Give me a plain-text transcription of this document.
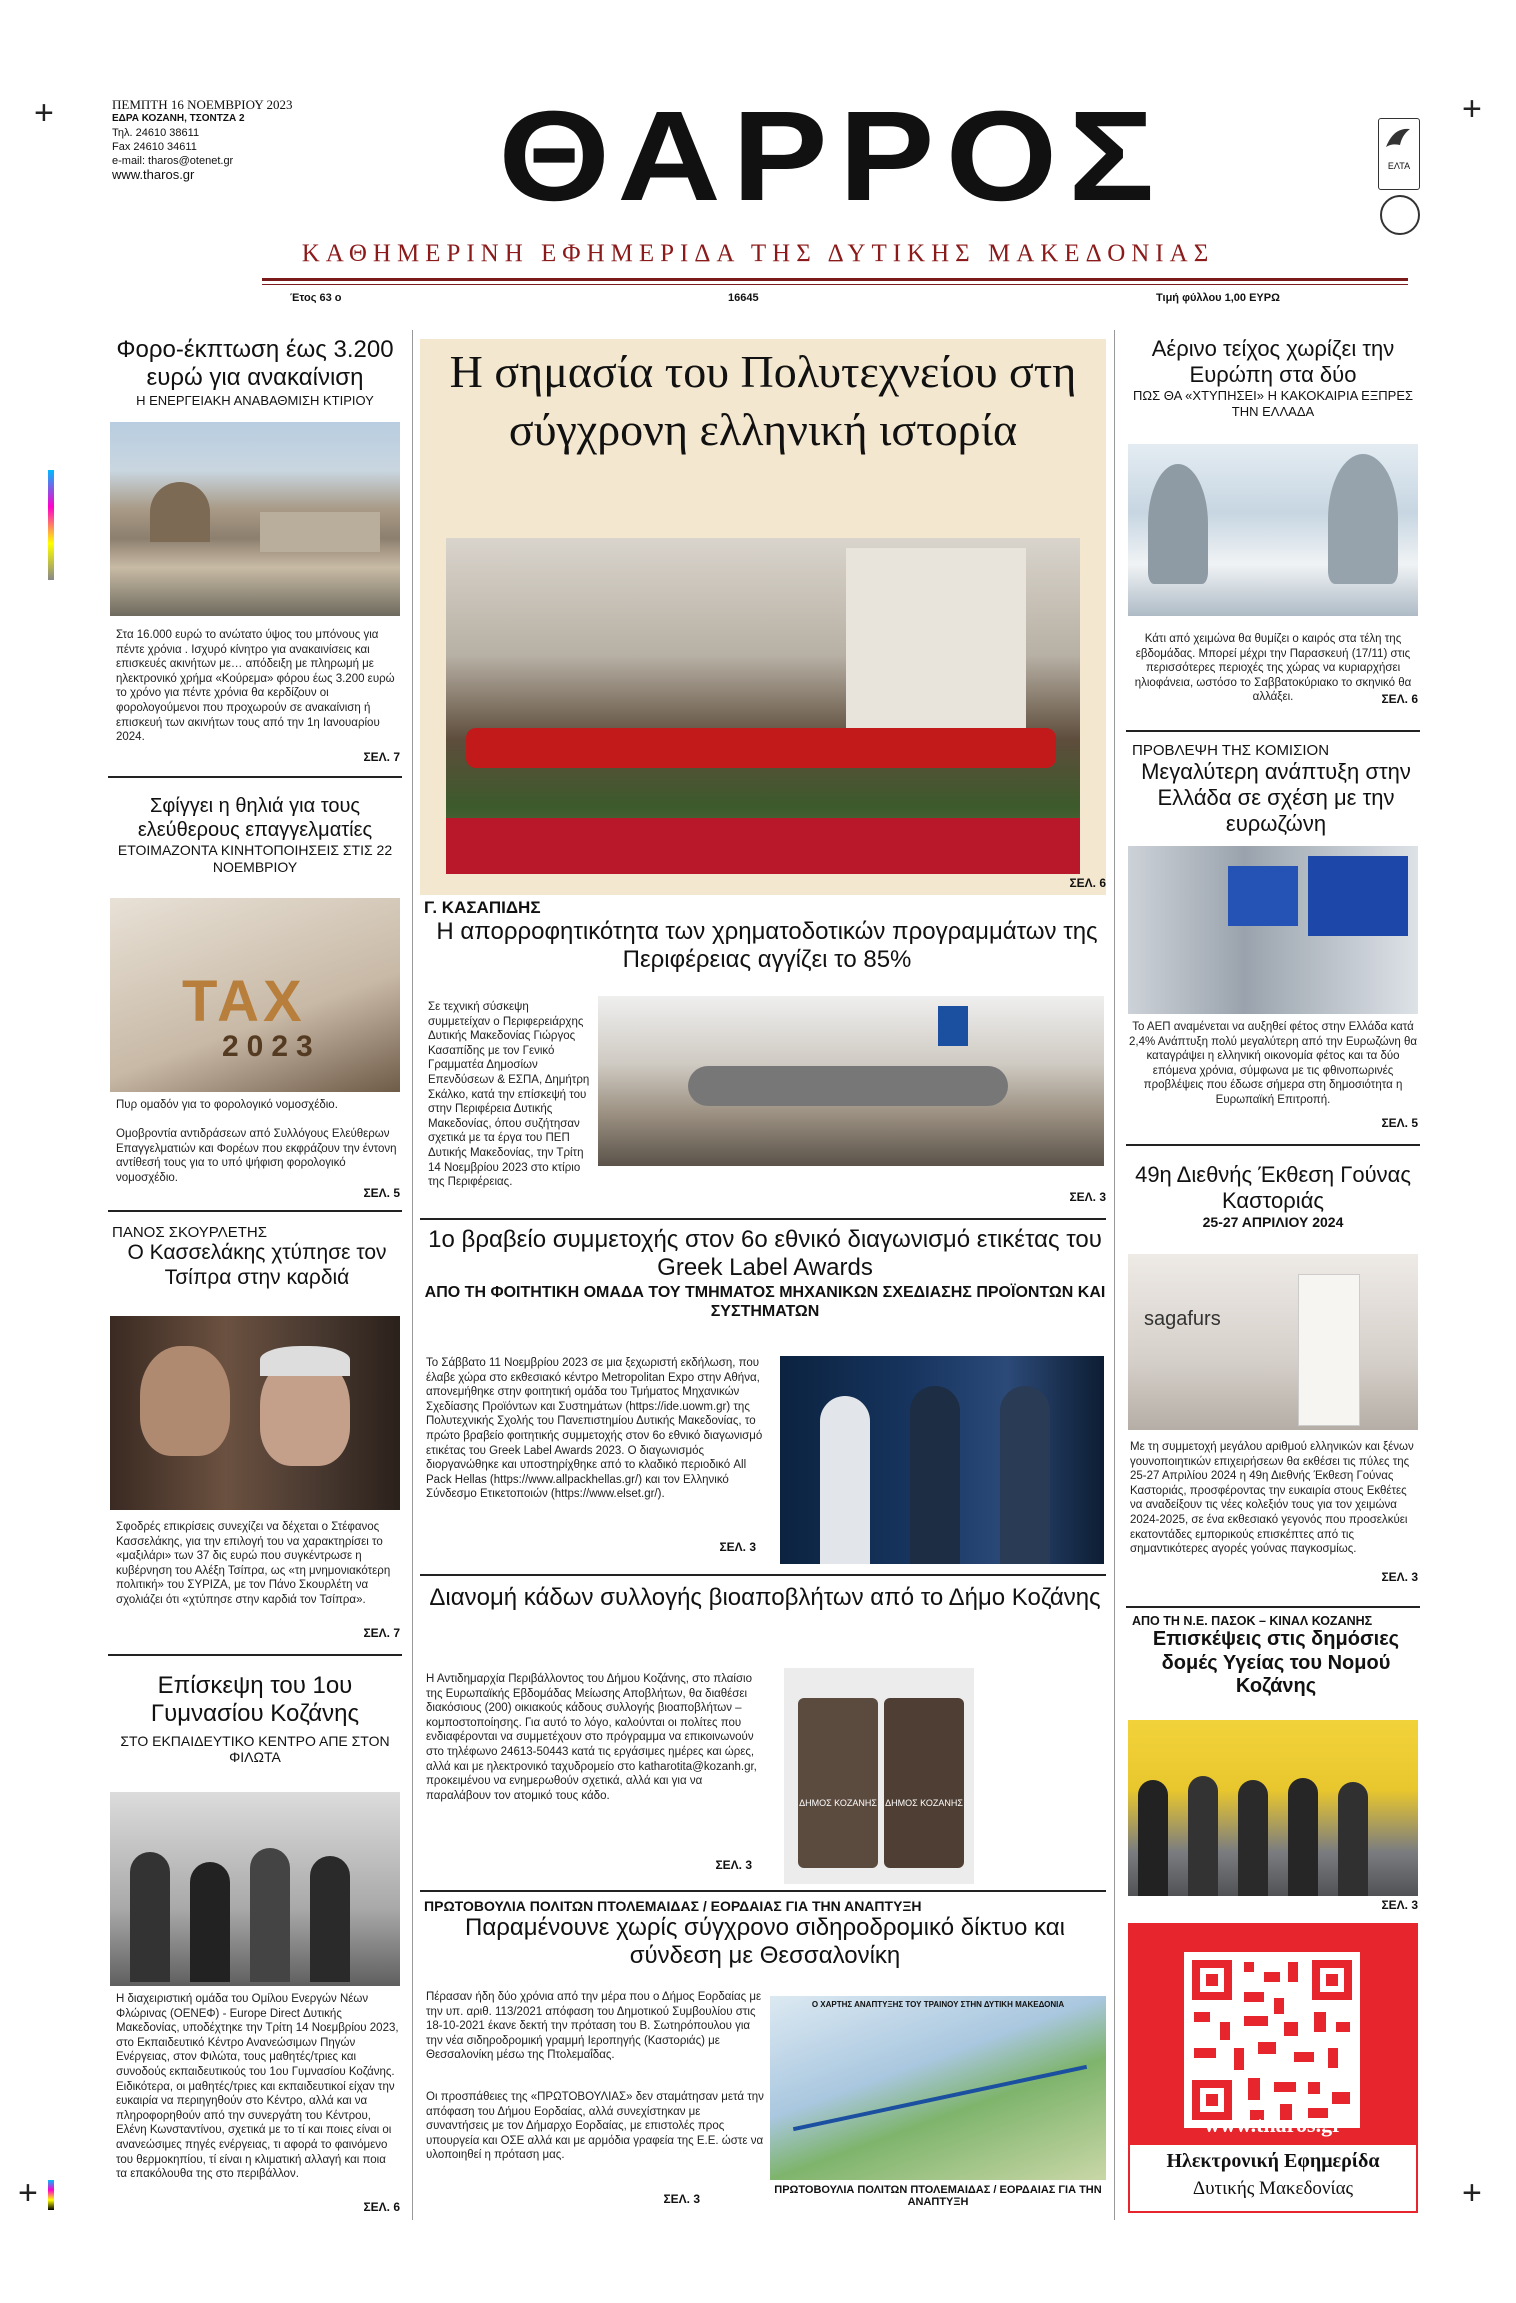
+	+
+	+
ΠΕΜΠΤΗ 16 ΝΟΕΜΒΡΙΟΥ 2023
ΕΔΡΑ ΚΟΖΑΝΗ, ΤΣΟΝΤΖΑ 2
Τηλ. 24610 38611
Fax 24610 34611
e-mail: tharos@otenet.gr
www.tharos.gr	ΘΑΡΡΟΣ	ΕΛΤΑ
ΚΑΘΗΜΕΡΙΝΗ ΕΦΗΜΕΡΙΔΑ ΤΗΣ ΔΥΤΙΚΗΣ ΜΑΚΕΔΟΝΙΑΣ
Έτος 63 ο	16645	Τιμή φύλλου 1,00 ΕΥΡΩ
Φορο-έκπτωση έως 3.200 ευρώ για ανακαίνιση
Η ΕΝΕΡΓΕΙΑΚΗ ΑΝΑΒΑΘΜΙΣΗ ΚΤΙΡΙΟΥ
Στα 16.000 ευρώ το ανώτατο ύψος του μπόνους για πέντε χρόνια . Ισχυρό κίνητρο για ανακαινίσεις και επισκευές ακινήτων με… απόδειξη με πληρωμή με ηλεκτρονικό χρήμα «Κούρεμα» φόρου έως 3.200 ευρώ το χρόνο για πέντε χρόνια θα κερδίζουν οι φορολογούμενοι που προχωρούν σε ανακαίνιση ή επισκευή των ακινήτων τους από την 1η Ιανουαρίου 2024.
ΣΕΛ. 7
Σφίγγει η θηλιά για τους ελεύθερους επαγγελματίες
ΕΤΟΙΜΑΖΟΝΤΑ ΚΙΝΗΤΟΠΟΙΗΣΕΙΣ ΣΤΙΣ 22 ΝΟΕΜΒΡΙΟΥ
TAX
2023
Πυρ ομαδόν για το φορολογικό νομοσχέδιο.
Ομοβροντία αντιδράσεων από Συλλόγους Ελεύθερων Επαγγελματιών και Φορέων που εκφράζουν την έντονη αντίθεσή τους για το υπό ψήφιση φορολογικό νομοσχέδιο.
ΣΕΛ. 5
ΠΑΝΟΣ ΣΚΟΥΡΛΕΤΗΣ
Ο Κασσελάκης χτύπησε τον Τσίπρα στην καρδιά
Σφοδρές επικρίσεις συνεχίζει να δέχεται ο Στέφανος Κασσελάκης, για την επιλογή του να χαρακτηρίσει το «μαξιλάρι» των 37 δις ευρώ που συγκέντρωσε η κυβέρνηση του Αλέξη Τσίπρα, ως «τη μνημονιακότερη πολιτική» του ΣΥΡΙΖΑ, με τον Πάνο Σκουρλέτη να σχολιάζει ότι «χτύπησε στην καρδιά τον Τσίπρα».
ΣΕΛ. 7
Επίσκεψη του 1ου Γυμνασίου Κοζάνης
ΣΤΟ ΕΚΠΑΙΔΕΥΤΙΚΟ ΚΕΝΤΡΟ ΑΠΕ ΣΤΟΝ ΦΙΛΩΤΑ
Η διαχειριστική ομάδα του Ομίλου Ενεργών Νέων Φλώρινας (ΟΕΝΕΦ) - Europe Direct Δυτικής Μακεδονίας, υποδέχτηκε την Τρίτη 14 Νοεμβρίου 2023, στο Εκπαιδευτικό Κέντρο Ανανεώσιμων Πηγών Ενέργειας, στον Φιλώτα, τους μαθητές/τριες και συνοδούς εκπαιδευτικούς του 1ου Γυμνασίου Κοζάνης. Ειδικότερα, οι μαθητές/τριες και εκπαιδευτικοί είχαν την ευκαιρία να περιηγηθούν στο Κέντρο, αλλά και να πληροφορηθούν από την συνεργάτη του Κέντρου, Ελένη Κωνσταντίνου, σχετικά με το τί και ποιες είναι οι ανανεώσιμες πηγές ενέργειας, τι αφορά το φαινόμενο του θερμοκηπίου, τί είναι η κλιματική αλλαγή και ποια τα επακόλουθα της στο περιβάλλον.
ΣΕΛ. 6
Η σημασία του Πολυτεχνείου στη σύγχρονη ελληνική ιστορία
ΣΕΛ. 6
Γ. ΚΑΣΑΠΙΔΗΣ
Η απορροφητικότητα των χρηματοδοτικών προγραμμάτων της Περιφέρειας αγγίζει το 85%
Σε τεχνική σύσκεψη συμμετείχαν ο Περιφερειάρχης Δυτικής Μακεδονίας Γιώργος Κασαπίδης με τον Γενικό Γραμματέα Δημοσίων Επενδύσεων & ΕΣΠΑ, Δημήτρη Σκάλκο, κατά την επίσκεψή του στην Περιφέρεια Δυτικής Μακεδονίας, όπου συζήτησαν σχετικά με τα έργα του ΠΕΠ Δυτικής Μακεδονίας, την Τρίτη 14 Νοεμβρίου 2023 στο κτίριο της Περιφέρειας.
ΣΕΛ. 3
1ο βραβείο συμμετοχής στον 6ο εθνικό διαγωνισμό ετικέτας του Greek Label Awards
ΑΠΟ ΤΗ ΦΟΙΤΗΤΙΚΗ ΟΜΑΔΑ ΤΟΥ ΤΜΗΜΑΤΟΣ ΜΗΧΑΝΙΚΩΝ ΣΧΕΔΙΑΣΗΣ ΠΡΟΪΟΝΤΩΝ ΚΑΙ ΣΥΣΤΗΜΑΤΩΝ
Το Σάββατο 11 Νοεμβρίου 2023 σε μια ξεχωριστή εκδήλωση, που έλαβε χώρα στο εκθεσιακό κέντρο Metropolitan Expo στην Αθήνα, απονεμήθηκε στην φοιτητική ομάδα του Τμήματος Μηχανικών Σχεδίασης Προϊόντων και Συστημάτων (https://ide.uowm.gr) της Πολυτεχνικής Σχολής του Πανεπιστημίου Δυτικής Μακεδονίας, το πρώτο βραβείο φοιτητικής συμμετοχής στον 6ο εθνικό διαγωνισμό ετικέτας του Greek Label Awards 2023. Ο διαγωνισμός διοργανώθηκε και υποστηρίχθηκε από το κλαδικό περιοδικό All Pack Hellas (https://www.allpackhellas.gr/) και τον Ελληνικό Σύνδεσμο Ετικετοποιών (https://www.elset.gr/).
ΣΕΛ. 3
Διανομή κάδων συλλογής βιοαποβλήτων από το Δήμο Κοζάνης
Η Αντιδημαρχία Περιβάλλοντος του Δήμου Κοζάνης, στο πλαίσιο της Ευρωπαϊκής Εβδομάδας Μείωσης Αποβλήτων, θα διαθέσει διακόσιους (200) οικιακούς κάδους συλλογής βιοαποβλήτων – κομποστοποίησης. Για αυτό το λόγο, καλούνται οι πολίτες που ενδιαφέρονται να συμμετέχουν στο πρόγραμμα να επικοινωνούν στο τηλέφωνο 24613-50443 κατά τις εργάσιμες ημέρες και ώρες, αλλά και με ηλεκτρονικό ταχυδρομείο στο katharotita@kozanh.gr, προκειμένου να ενημερωθούν σχετικά, αλλά και για να παραλάβουν τον ατομικό τους κάδο.
ΔΗΜΟΣ ΚΟΖΑΝΗΣ ΔΗΜΟΣ ΚΟΖΑΝΗΣ
ΣΕΛ. 3
ΠΡΩΤΟΒΟΥΛΙΑ ΠΟΛΙΤΩΝ ΠΤΟΛΕΜΑΙΔΑΣ / ΕΟΡΔΑΙΑΣ ΓΙΑ ΤΗΝ ΑΝΑΠΤΥΞΗ
Παραμένουνε χωρίς σύγχρονο σιδηροδρομικό δίκτυο και σύνδεση με Θεσσαλονίκη
Πέρασαν ήδη δύο χρόνια από την μέρα που ο Δήμος Εορδαίας με την υπ. αριθ. 113/2021 απόφαση του Δημοτικού Συμβουλίου στις 18-10-2021 έκανε δεκτή την πρόταση του Β. Σωτηρόπουλου για την νέα σιδηροδρομική γραμμή Ιεροπηγής (Καστοριάς) με Θεσσαλονίκη μέσω της Πτολεμαΐδας.
Οι προσπάθειες της «ΠΡΩΤΟΒΟΥΛΙΑΣ» δεν σταμάτησαν μετά την απόφαση του Δήμου Εορδαίας, αλλά συνεχίστηκαν με συναντήσεις με τον Δήμαρχο Εορδαίας, με επιστολές προς υπουργεία και ΟΣΕ αλλά και με αρμόδια γραφεία της Ε.Ε. ώστε να υλοποιηθεί η πρόταση μας.
Ο ΧΑΡΤΗΣ ΑΝΑΠΤΥΞΗΣ ΤΟΥ ΤΡΑΙΝΟΥ ΣΤΗΝ ΔΥΤΙΚΗ ΜΑΚΕΔΟΝΙΑ
ΠΡΩΤΟΒΟΥΛΙΑ ΠΟΛΙΤΩΝ ΠΤΟΛΕΜΑΙΔΑΣ / ΕΟΡΔΑΙΑΣ ΓΙΑ ΤΗΝ ΑΝΑΠΤΥΞΗ
ΣΕΛ. 3
Αέρινο τείχος χωρίζει την Ευρώπη στα δύο
ΠΩΣ ΘΑ «ΧΤΥΠΗΣΕΙ» Η ΚΑΚΟΚΑΙΡΙΑ ΕΞΠΡΕΣ ΤΗΝ ΕΛΛΑΔΑ
Κάτι από χειμώνα θα θυμίζει ο καιρός στα τέλη της εβδομάδας. Μπορεί μέχρι την Παρασκευή (17/11) στις περισσότερες περιοχές της χώρας να κυριαρχήσει ηλιοφάνεια, ωστόσο το Σαββατοκύριακο το σκηνικό θα αλλάξει.	ΣΕΛ. 6
ΠΡΟΒΛΕΨΗ ΤΗΣ ΚΟΜΙΣΙΟΝ
Μεγαλύτερη ανάπτυξη στην Ελλάδα σε σχέση με την ευρωζώνη
Το ΑΕΠ αναμένεται να αυξηθεί φέτος στην Ελλάδα κατά 2,4% Ανάπτυξη πολύ μεγαλύτερη από την Ευρωζώνη θα καταγράψει η ελληνική οικονομία φέτος και τα δύο επόμενα χρόνια, σύμφωνα με τις φθινοπωρινές προβλέψεις που έδωσε σήμερα στη δημοσιότητα η Ευρωπαϊκή Επιτροπή.
ΣΕΛ. 5
49η Διεθνής Έκθεση Γούνας Καστοριάς
25-27 ΑΠΡΙΛΙΟΥ 2024
sagafurs
Με τη συμμετοχή μεγάλου αριθμού ελληνικών και ξένων γουνοποιητικών επιχειρήσεων θα εκθέσει τις πύλες της 25-27 Απριλίου 2024 η 49η Διεθνής Έκθεση Γούνας Καστοριάς, προσφέροντας την ευκαιρία στους Εκθέτες να αναδείξουν τις νέες κολεξιόν τους για τον χειμώνα 2024-2025, σε ένα εκθεσιακό γεγονός που προσελκύει εκατοντάδες εμπορικούς επισκέπτες από τις σημαντικότερες αγορές γούνας παγκοσμίως.
ΣΕΛ. 3
ΑΠΟ ΤΗ Ν.Ε. ΠΑΣΟΚ – ΚΙΝΑΛ ΚΟΖΑΝΗΣ
Επισκέψεις στις δημόσιες δομές Υγείας του Νομού Κοζάνης
ΣΕΛ. 3
www.tharos.gr
Ηλεκτρονική Εφημερίδα
Δυτικής Μακεδονίας
